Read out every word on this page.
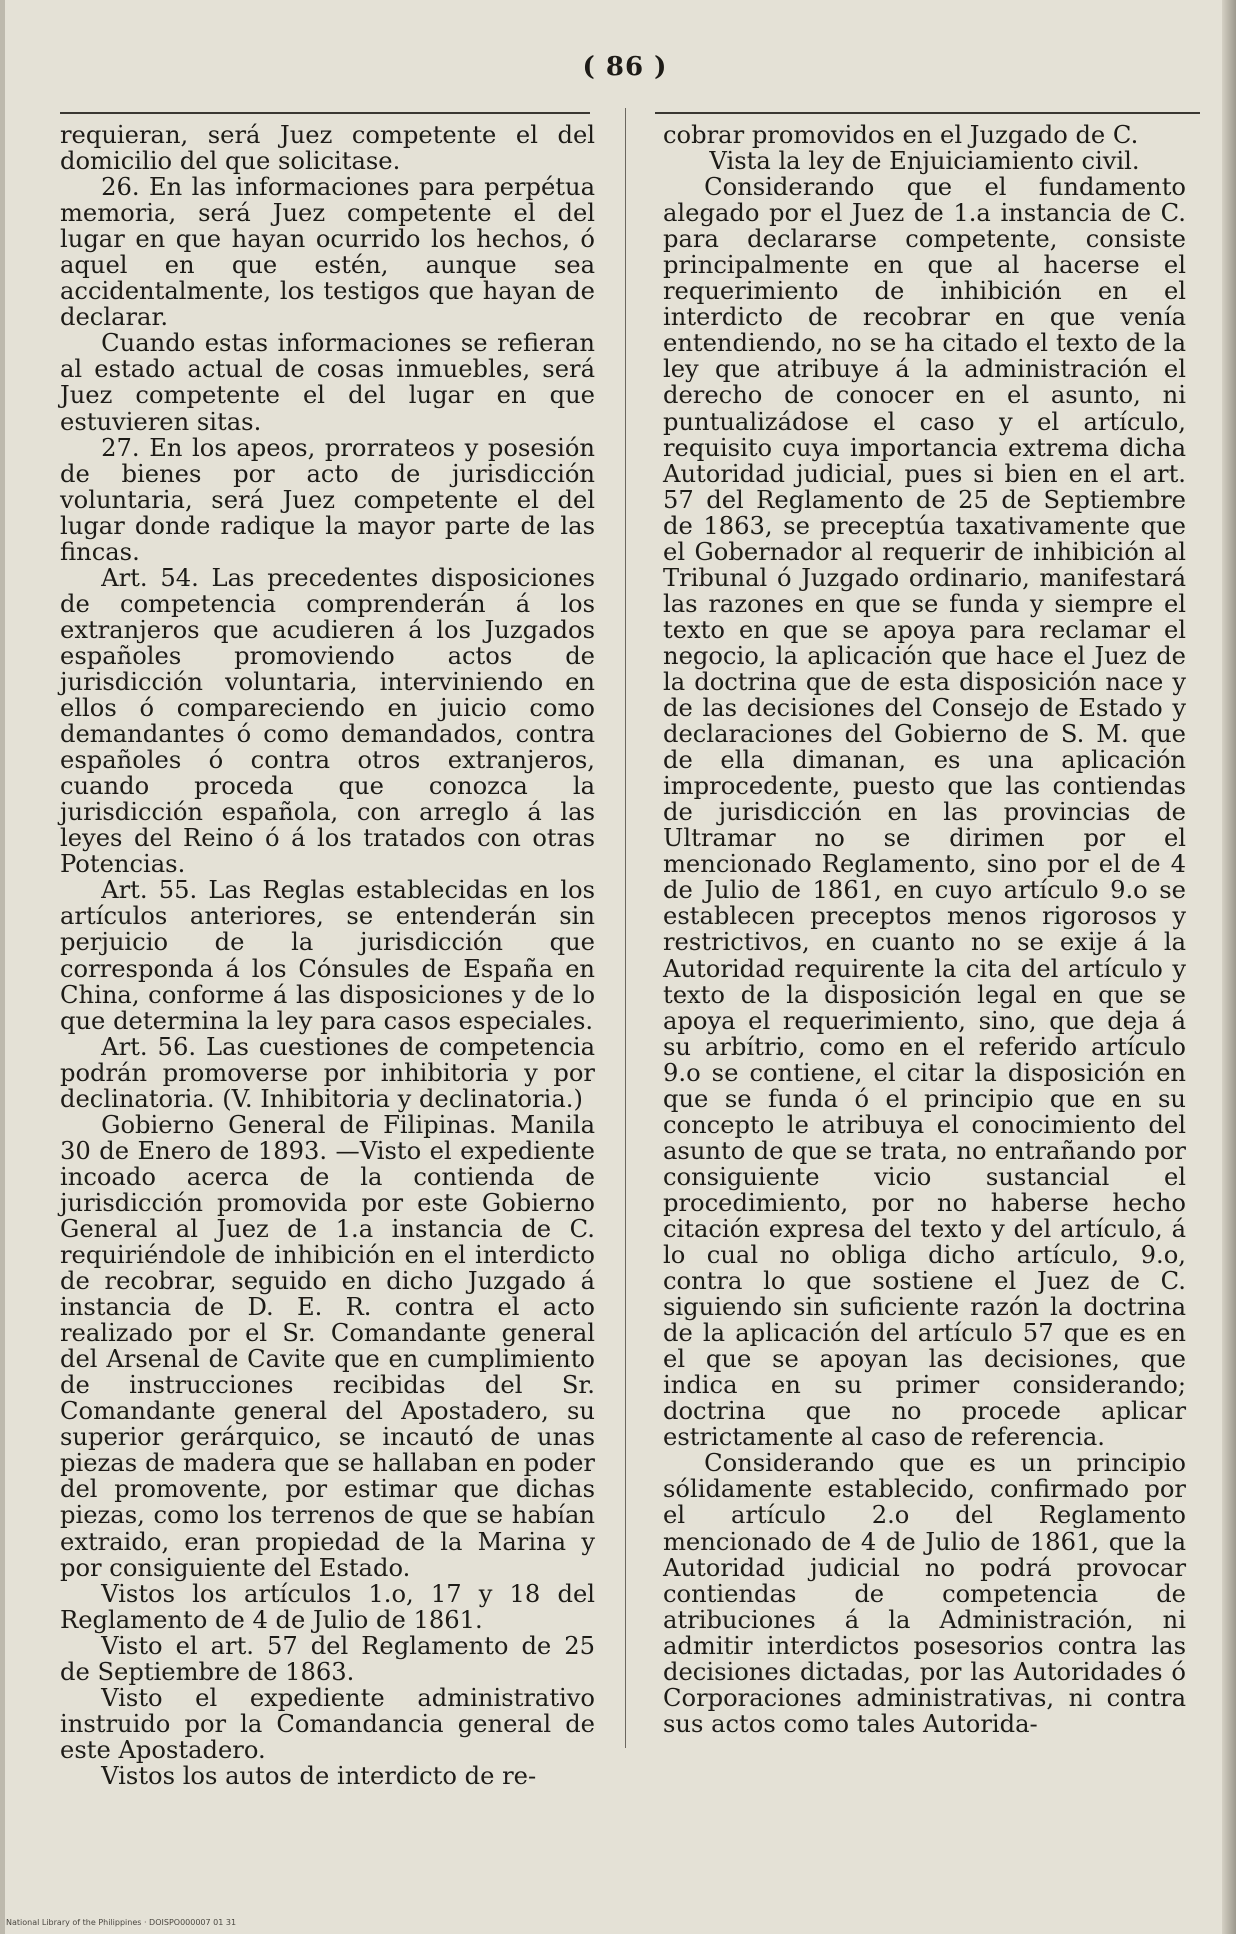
( 86 )

requieran, será Juez competente el del domicilio del que solicitase.

26. En las informaciones para perpétua memoria, será Juez competente el del lugar en que hayan ocurrido los hechos, ó aquel en que estén, aunque sea accidentalmente, los testigos que hayan de declarar.

Cuando estas informaciones se refieran al estado actual de cosas inmuebles, será Juez competente el del lugar en que estuvieren sitas.

27. En los apeos, prorrateos y posesión de bienes por acto de jurisdicción voluntaria, será Juez competente el del lugar donde radique la mayor parte de las fincas.

Art. 54. Las precedentes disposiciones de competencia comprenderán á los extranjeros que acudieren á los Juzgados españoles promoviendo actos de jurisdicción voluntaria, interviniendo en ellos ó compareciendo en juicio como demandantes ó como demandados, contra españoles ó contra otros extranjeros, cuando proceda que conozca la jurisdicción española, con arreglo á las leyes del Reino ó á los tratados con otras Potencias.

Art. 55. Las Reglas establecidas en los artículos anteriores, se entenderán sin perjuicio de la jurisdicción que corresponda á los Cónsules de España en China, conforme á las disposiciones y de lo que determina la ley para casos especiales.

Art. 56. Las cuestiones de competencia podrán promoverse por inhibitoria y por declinatoria. (V. Inhibitoria y declinatoria.)

Gobierno General de Filipinas. Manila 30 de Enero de 1893. —Visto el expediente incoado acerca de la contienda de jurisdicción promovida por este Gobierno General al Juez de 1.a instancia de C. requiriéndole de inhibición en el interdicto de recobrar, seguido en dicho Juzgado á instancia de D. E. R. contra el acto realizado por el Sr. Comandante general del Arsenal de Cavite que en cumplimiento de instrucciones recibidas del Sr. Comandante general del Apostadero, su superior gerárquico, se incautó de unas piezas de madera que se hallaban en poder del promovente, por estimar que dichas piezas, como los terrenos de que se habían extraido, eran propiedad de la Marina y por consiguiente del Estado.

Vistos los artículos 1.o, 17 y 18 del Reglamento de 4 de Julio de 1861.

Visto el art. 57 del Reglamento de 25 de Septiembre de 1863.

Visto el expediente administrativo instruido por la Comandancia general de este Apostadero.

Vistos los autos de interdicto de re-

cobrar promovidos en el Juzgado de C.

Vista la ley de Enjuiciamiento civil.

Considerando que el fundamento alegado por el Juez de 1.a instancia de C. para declararse competente, consiste principalmente en que al hacerse el requerimiento de inhibición en el interdicto de recobrar en que venía entendiendo, no se ha citado el texto de la ley que atribuye á la administración el derecho de conocer en el asunto, ni puntualizádose el caso y el artículo, requisito cuya importancia extrema dicha Autoridad judicial, pues si bien en el art. 57 del Reglamento de 25 de Septiembre de 1863, se preceptúa taxativamente que el Gobernador al requerir de inhibición al Tribunal ó Juzgado ordinario, manifestará las razones en que se funda y siempre el texto en que se apoya para reclamar el negocio, la aplicación que hace el Juez de la doctrina que de esta disposición nace y de las decisiones del Consejo de Estado y declaraciones del Gobierno de S. M. que de ella dimanan, es una aplicación improcedente, puesto que las contiendas de jurisdicción en las provincias de Ultramar no se dirimen por el mencionado Reglamento, sino por el de 4 de Julio de 1861, en cuyo artículo 9.o se establecen preceptos menos rigorosos y restrictivos, en cuanto no se exije á la Autoridad requirente la cita del artículo y texto de la disposición legal en que se apoya el requerimiento, sino, que deja á su arbítrio, como en el referido artículo 9.o se contiene, el citar la disposición en que se funda ó el principio que en su concepto le atribuya el conocimiento del asunto de que se trata, no entrañando por consiguiente vicio sustancial el procedimiento, por no haberse hecho citación expresa del texto y del artículo, á lo cual no obliga dicho artículo, 9.o, contra lo que sostiene el Juez de C. siguiendo sin suficiente razón la doctrina de la aplicación del artículo 57 que es en el que se apoyan las decisiones, que indica en su primer considerando; doctrina que no procede aplicar estrictamente al caso de referencia.

Considerando que es un principio sólidamente establecido, confirmado por el artículo 2.o del Reglamento mencionado de 4 de Julio de 1861, que la Autoridad judicial no podrá provocar contiendas de competencia de atribuciones á la Administración, ni admitir interdictos posesorios contra las decisiones dictadas, por las Autoridades ó Corporaciones administrativas, ni contra sus actos como tales Autorida-

National Library of the Philippines · DOISPO000007 01 31
